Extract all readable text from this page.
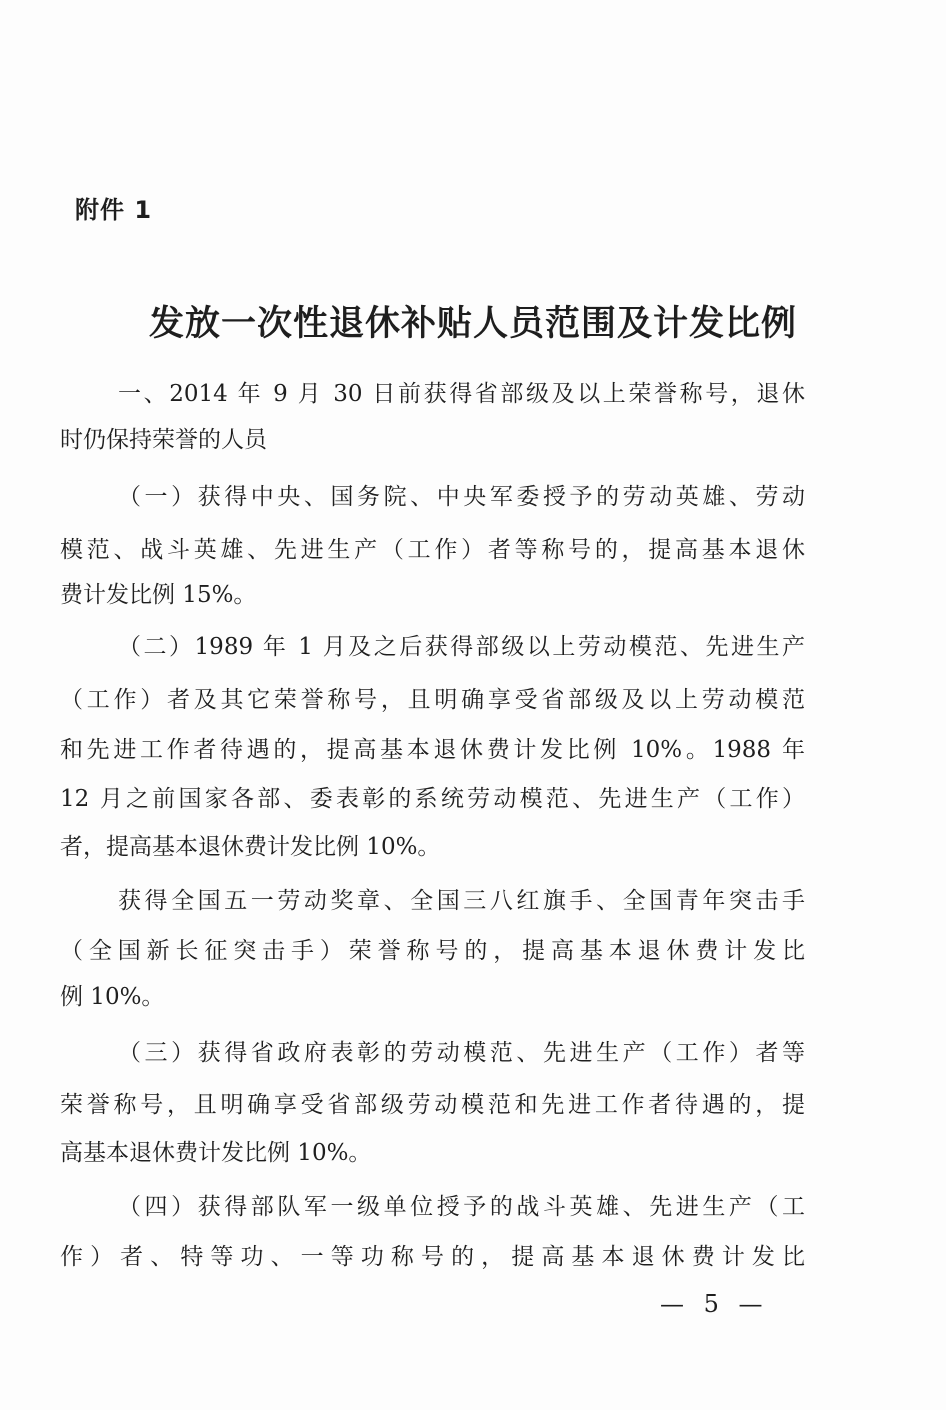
附件 1
发放一次性退休补贴人员范围及计发比例
一、2014 年 9 月 30 日前获得省部级及以上荣誉称号，退休
时仍保持荣誉的人员
（一）获得中央、国务院、中央军委授予的劳动英雄、劳动
模范、战斗英雄、先进生产（工作）者等称号的，提高基本退休
费计发比例 15%。
（二）1989 年 1 月及之后获得部级以上劳动模范、先进生产
（工作）者及其它荣誉称号，且明确享受省部级及以上劳动模范
和先进工作者待遇的，提高基本退休费计发比例 10%。1988 年
12 月之前国家各部、委表彰的系统劳动模范、先进生产（工作）
者，提高基本退休费计发比例 10%。
获得全国五一劳动奖章、全国三八红旗手、全国青年突击手
（全国新长征突击手）荣誉称号的，提高基本退休费计发比
例 10%。
（三）获得省政府表彰的劳动模范、先进生产（工作）者等
荣誉称号，且明确享受省部级劳动模范和先进工作者待遇的，提
高基本退休费计发比例 10%。
（四）获得部队军一级单位授予的战斗英雄、先进生产（工
作）者、特等功、一等功称号的，提高基本退休费计发比
— 5 —
